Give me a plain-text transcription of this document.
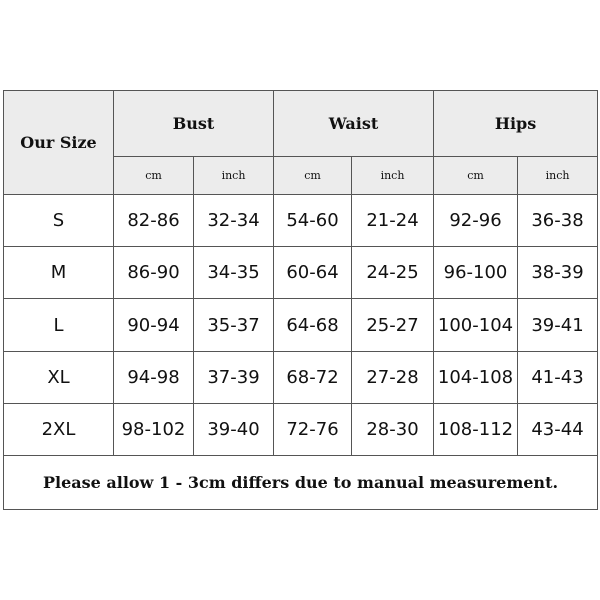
Our Size	Bust		Waist		Hips	
	cm	inch	cm	inch	cm	inch
S	82-86	32-34	54-60	21-24	92-96	36-38
M	86-90	34-35	60-64	24-25	96-100	38-39
L	90-94	35-37	64-68	25-27	100-104	39-41
XL	94-98	37-39	68-72	27-28	104-108	41-43
2XL	98-102	39-40	72-76	28-30	108-112	43-44
Please allow 1 - 3cm differs due to manual measurement.						
